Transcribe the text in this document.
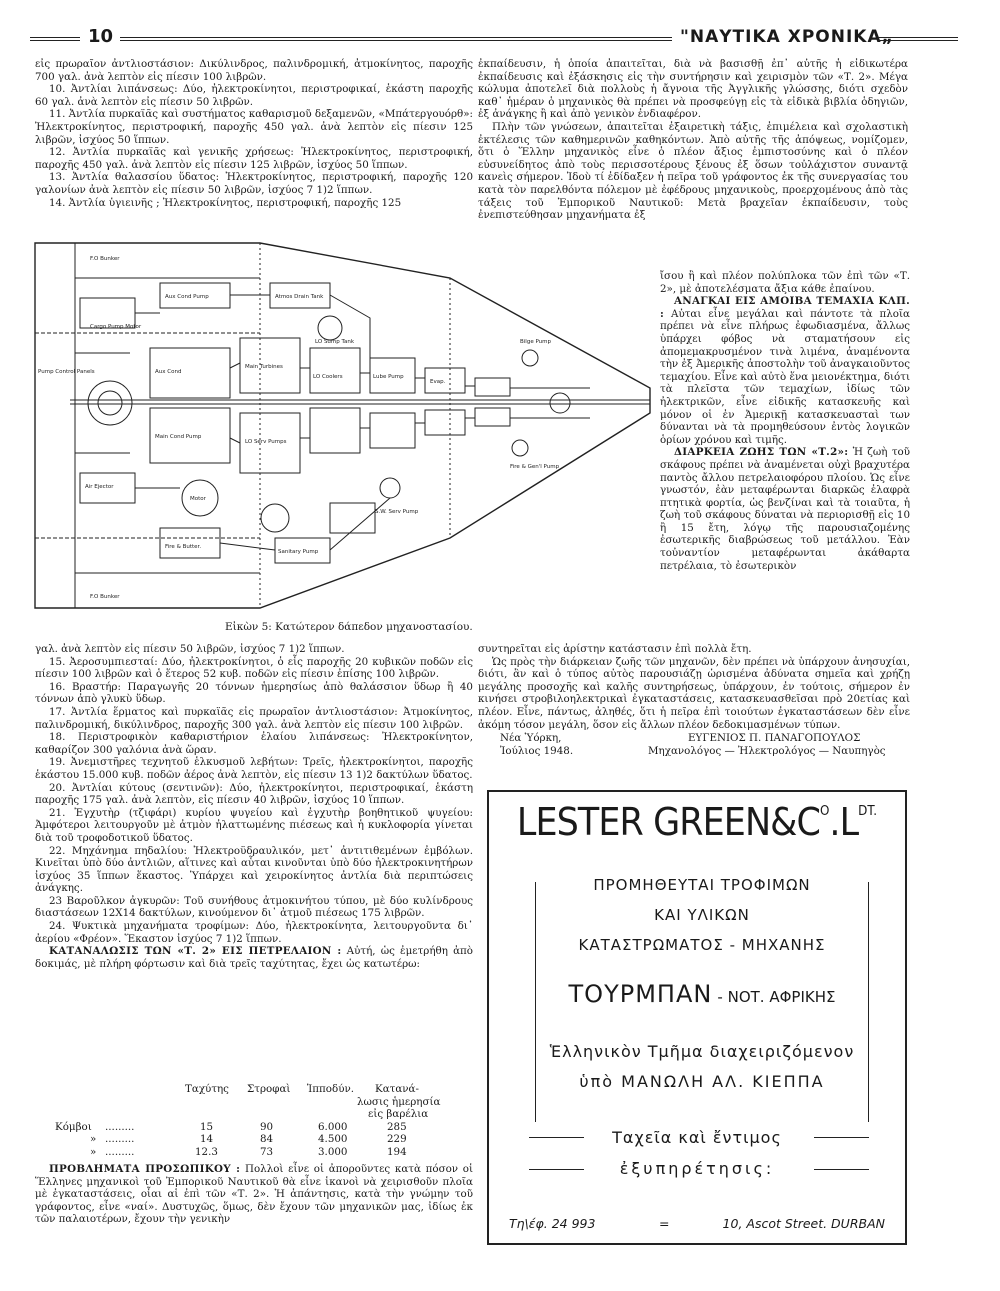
10	"ΝΑΥΤΙΚΑ ΧΡΟΝΙΚΑ„

εἰς πρωραῖον ἀντλιοστάσιον: Δικύλινδρος, παλινδρομική, ἀτμοκίνητος, παροχῆς 700 γαλ. ἀνὰ λεπτὸν εἰς πίεσιν 100 λιβρῶν.

10. Ἀντλίαι λιπάνσεως: Δύο, ἠλεκτροκίνητοι, περιστροφικαί, ἑκάστη παροχῆς 60 γαλ. ἀνὰ λεπτὸν εἰς πίεσιν 50 λιβρῶν.

11. Ἀντλία πυρκαϊᾶς καὶ συστήματος καθαρισμοῦ δεξαμενῶν, «Μπάτεργουόρθ»: Ἠλεκτροκίνητος, περιστροφική, παροχῆς 450 γαλ. ἀνὰ λεπτὸν εἰς πίεσιν 125 λιβρῶν, ἰσχύος 50 ἵππων.

12. Ἀντλία πυρκαϊᾶς καὶ γενικῆς χρήσεως: Ἠλεκτροκίνητος, περιστροφική, παροχῆς 450 γαλ. ἀνὰ λεπτὸν εἰς πίεσιν 125 λιβρῶν, ἰσχύος 50 ἵππων.

13. Ἀντλία θαλασσίου ὕδατος: Ἠλεκτροκίνητος, περιστροφική, παροχῆς 120 γαλονίων ἀνὰ λεπτὸν εἰς πίεσιν 50 λιβρῶν, ἰσχύος 7 1)2 ἵππων.

14. Ἀντλία ὑγιεινῆς ; Ἠλεκτροκίνητος, περιστροφική, παροχῆς 125

ἐκπαίδευσιν, ἡ ὁποία ἀπαιτεῖται, διὰ νὰ βασισθῇ ἐπ᾽ αὐτῆς ἡ εἰδικωτέρα ἐκπαίδευσις καὶ ἐξάσκησις εἰς τὴν συντήρησιν καὶ χειρισμὸν τῶν «Τ. 2». Μέγα κώλυμα ἀποτελεῖ διὰ πολλοὺς ἡ ἄγνοια τῆς Ἀγγλικῆς γλώσσης, διότι σχεδὸν καθ᾽ ἡμέραν ὁ μηχανικὸς θὰ πρέπει νὰ προσφεύγῃ εἰς τὰ εἰδικὰ βιβλία ὁδηγιῶν, ἐξ ἀνάγκης ἢ καὶ ἀπὸ γενικὸν ἐνδιαφέρον.

Πλὴν τῶν γνώσεων, ἀπαιτεῖται ἐξαιρετικὴ τάξις, ἐπιμέλεια καὶ σχολαστικὴ ἐκτέλεσις τῶν καθημερινῶν καθηκόντων. Ἀπὸ αὐτῆς τῆς ἀπόψεως, νομίζομεν, ὅτι ὁ Ἕλλην μηχανικὸς εἶνε ὁ πλέον ἄξιος ἐμπιστοσύνης καὶ ὁ πλέον εὐσυνείδητος ἀπὸ τοὺς περισσοτέρους ξένους ἐξ ὅσων τοὐλάχιστον συναντᾷ κανεὶς σήμερον. Ἰδοὺ τί ἐδίδαξεν ἡ πεῖρα τοῦ γράφοντος ἐκ τῆς συνεργασίας του κατὰ τὸν παρελθόντα πόλεμον μὲ ἐφέδρους μηχανικοὺς, προερχομένους ἀπὸ τὰς τάξεις τοῦ Ἐμπορικοῦ Ναυτικοῦ: Μετὰ βραχεῖαν ἐκπαίδευσιν, τοὺς ἐνεπιστεύθησαν μηχανήματα ἐξ

ἴσου ἢ καὶ πλέον πολύπλοκα τῶν ἐπὶ τῶν «Τ. 2», μὲ ἀποτελέσματα ἄξια κάθε ἐπαίνου.

ΑΝΑΓΚΑΙ ΕΙΣ ΑΜΟΙΒΑ ΤΕΜΑΧΙΑ ΚΛΠ. : Αὐται εἶνε μεγάλαι καὶ πάντοτε τὰ πλοῖα πρέπει νὰ εἶνε πλήρως ἐφωδιασμένα, ἄλλως ὑπάρχει φόβος νὰ σταματήσουν εἰς ἀπομεμακρυσμένον τινὰ λιμένα, ἀναμένοντα τὴν ἐξ Ἀμερικῆς ἀποστολὴν τοῦ ἀναγκαιοῦντος τεμαχίου. Εἶνε καὶ αὐτὸ ἕνα μειονέκτημα, διότι τὰ πλεῖστα τῶν τεμαχίων, ἰδίως τῶν ἠλεκτρικῶν, εἶνε εἰδικῆς κατασκευῆς καὶ μόνον οἱ ἐν Ἀμερικῇ κατασκευασταὶ των δύνανται νὰ τὰ προμηθεύσουν ἐντὸς λογικῶν ὁρίων χρόνου καὶ τιμῆς.

ΔΙΑΡΚΕΙΑ ΖΩΗΣ ΤΩΝ «Τ.2»: Ἡ ζωὴ τοῦ σκάφους πρέπει νὰ ἀναμένεται οὐχὶ βραχυτέρα παντὸς ἄλλου πετρελαιοφόρου πλοίου. Ὡς εἶνε γνωστόν, ἐὰν μεταφέρωνται διαρκῶς ἐλαφρὰ πτητικὰ φορτία, ὡς βενζίναι καὶ τὰ τοιαῦτα, ἡ ζωὴ τοῦ σκάφους δύναται νὰ περιορισθῇ εἰς 10 ἢ 15 ἔτη, λόγῳ τῆς παρουσιαζομένης ἐσωτερικῆς διαβρώσεως τοῦ μετάλλου. Ἐὰν τοὐναντίον μεταφέρωνται ἀκάθαρτα πετρέλαια, τὸ ἐσωτερικὸν

F.O Bunker
F.O Bunker
Cargo Pump Motor
Aux Cond Pump	Atmos Drain Tank
LO Sump Tank
LO Coolers
Main Turbines
Main Cond Pump
Aux Cond
LO Serv Pumps
Lube Pump
Bilge Pump
Fire & Gen'l Pump
S.W. Serv Pump
Fire & Butter.
Pump Control Panels
Air Ejector
Sanitary Pump
Motor
Evap.
Εἰκὼν 5: Κατώτερον δάπεδον μηχανοστασίου.

γαλ. ἀνὰ λεπτὸν εἰς πίεσιν 50 λιβρῶν, ἰσχύος 7 1)2 ἵππων.

15. Ἀεροσυμπιεσταί: Δύο, ἠλεκτροκίνητοι, ὁ εἷς παροχῆς 20 κυβικῶν ποδῶν εἰς πίεσιν 100 λιβρῶν καὶ ὁ ἕτερος 52 κυβ. ποδῶν εἰς πίεσιν ἐπίσης 100 λιβρῶν.

16. Βραστήρ: Παραγωγῆς 20 τόννων ἡμερησίως ἀπὸ θαλάσσιον ὕδωρ ἢ 40 τόννων ἀπὸ γλυκὺ ὕδωρ.

17. Ἀντλία ἕρματος καὶ πυρκαϊᾶς εἰς πρωραῖον ἀντλιοστάσιον: Ἀτμοκίνητος, παλινδρομική, δικύλινδρος, παροχῆς 300 γαλ. ἀνὰ λεπτὸν εἰς πίεσιν 100 λιβρῶν.

18. Περιστροφικὸν καθαριστήριον ἐλαίου λιπάνσεως: Ἠλεκτροκίνητον, καθαρίζον 300 γαλόνια ἀνὰ ὥραν.

19. Ἀνεμιστῆρες τεχνητοῦ ἑλκυσμοῦ λεβήτων: Τρεῖς, ἠλεκτροκίνητοι, παροχῆς ἑκάστου 15.000 κυβ. ποδῶν ἀέρος ἀνὰ λεπτὸν, εἰς πίεσιν 13 1)2 δακτύλων ὕδατος.

20. Ἀντλίαι κύτους (σεντινῶν): Δύο, ἠλεκτροκίνητοι, περιστροφικαί, ἑκάστη παροχῆς 175 γαλ. ἀνὰ λεπτὸν, εἰς πίεσιν 40 λιβρῶν, ἰσχύος 10 ἵππων.

21. Ἐγχυτὴρ (τζιφάρι) κυρίου ψυγείου καὶ ἐγχυτὴρ βοηθητικοῦ ψυγείου: Ἀμφότεροι λειτουργοῦν μὲ ἀτμὸν ἠλαττωμένης πιέσεως καὶ ἡ κυκλοφορία γίνεται διὰ τοῦ τροφοδοτικοῦ ὕδατος.

22. Μηχάνημα πηδαλίου: Ἠλεκτροϋδραυλικόν, μετ᾽ ἀντιτιθεμένων ἐμβόλων. Κινεῖται ὑπὸ δύο ἀντλιῶν, αἵτινες καὶ αὗται κινοῦνται ὑπὸ δύο ἠλεκτροκινητήρων ἰσχύος 35 ἵππων ἕκαστος. Ὑπάρχει καὶ χειροκίνητος ἀντλία διὰ περιπτώσεις ἀνάγκης.

23 Βαροῦλκον ἀγκυρῶν: Τοῦ συνήθους ἀτμοκινήτου τύπου, μὲ δύο κυλίνδρους διαστάσεων 12Χ14 δακτύλων, κινούμενον δι᾽ ἀτμοῦ πιέσεως 175 λιβρῶν.

24. Ψυκτικὰ μηχανήματα τροφίμων: Δύο, ἠλεκτροκίνητα, λειτουργοῦντα δι᾽ ἀερίου «Φρέον». Ἕκαστον ἰσχύος 7 1)2 ἵππων.

ΚΑΤΑΝΑΛΩΣΙΣ ΤΩΝ «Τ. 2» ΕΙΣ ΠΕΤΡΕΛΑΙΟΝ : Αὐτή, ὡς ἐμετρήθη ἀπὸ δοκιμάς, μὲ πλήρη φόρτωσιν καὶ διὰ τρεῖς ταχύτητας, ἔχει ὡς κατωτέρω:

Ταχύτης Στροφαὶ Ἱπποδύν. Κατανά-
λωσις ἡμερησία
εἰς βαρέλια
Κόμβοι .........	15	90	6.000	285
» .........	14	84	4.500	229
» .........	12.3	73	3.000	194

ΠΡΟΒΛΗΜΑΤΑ ΠΡΟΣΩΠΙΚΟΥ : Πολλοὶ εἶνε οἱ ἀποροῦντες κατὰ πόσον οἱ Ἕλληνες μηχανικοὶ τοῦ Ἐμπορικοῦ Ναυτικοῦ θὰ εἶνε ἱκανοὶ νὰ χειρισθοῦν πλοῖα μὲ ἐγκαταστάσεις, οἷαι αἱ ἐπὶ τῶν «Τ. 2». Ἡ ἀπάντησις, κατὰ τὴν γνώμην τοῦ γράφοντος, εἶνε «ναί». Δυστυχῶς, ὅμως, δὲν ἔχουν τῶν μηχανικῶν μας, ἰδίως ἐκ τῶν παλαιοτέρων, ἔχουν τὴν γενικὴν

συντηρεῖται εἰς ἀρίστην κατάστασιν ἐπὶ πολλὰ ἔτη.

Ὡς πρὸς τὴν διάρκειαν ζωῆς τῶν μηχανῶν, δὲν πρέπει νὰ ὑπάρχουν ἀνησυχίαι, διότι, ἂν καὶ ὁ τύπος αὐτὸς παρουσιάζῃ ὡρισμένα ἀδύνατα σημεῖα καὶ χρήζῃ μεγάλης προσοχῆς καὶ καλῆς συντηρήσεως, ὑπάρχουν, ἐν τούτοις, σήμερον ἐν κινήσει στροβιλοηλεκτρικαὶ ἐγκαταστάσεις, κατασκευασθεῖσαι πρὸ 20ετίας καὶ πλέον. Εἶνε, πάντως, ἀληθές, ὅτι ἡ πεῖρα ἐπὶ τοιούτων ἐγκαταστάσεων δὲν εἶνε ἀκόμη τόσον μεγάλη, ὅσον εἰς ἄλλων πλέον δεδοκιμασμένων τύπων.

Νέα Ὑόρκη,	ΕΥΓΕΝΙΟΣ Π. ΠΑΝΑΓΟΠΟΥΛΟΣ
Ἰούλιος 1948.	Μηχανολόγος — Ἠλεκτρολόγος — Ναυπηγὸς
LESTER $GREEN\&C^O.L^{DT.}$
ΠΡΟΜΗΘΕΥΤΑΙ ΤΡΟΦΙΜΩΝ
ΚΑΙ ΥΛΙΚΩΝ
ΚΑΤΑΣΤΡΩΜΑΤΟΣ - ΜΗΧΑΝΗΣ
ΤΟΥΡΜΠΑΝ - ΝΟΤ. ΑΦΡΙΚΗΣ
Ἑλληνικὸν Τμῆμα διαχειριζόμενον
ὑπὸ ΜΑΝΩΛΗ ΑΛ. ΚΙΕΠΠΑ
Ταχεῖα καὶ ἔντιμος
ἐξυπηρέτησις:
Τη\έφ. 24 993	=	10, Ascot Street. DURBAN
